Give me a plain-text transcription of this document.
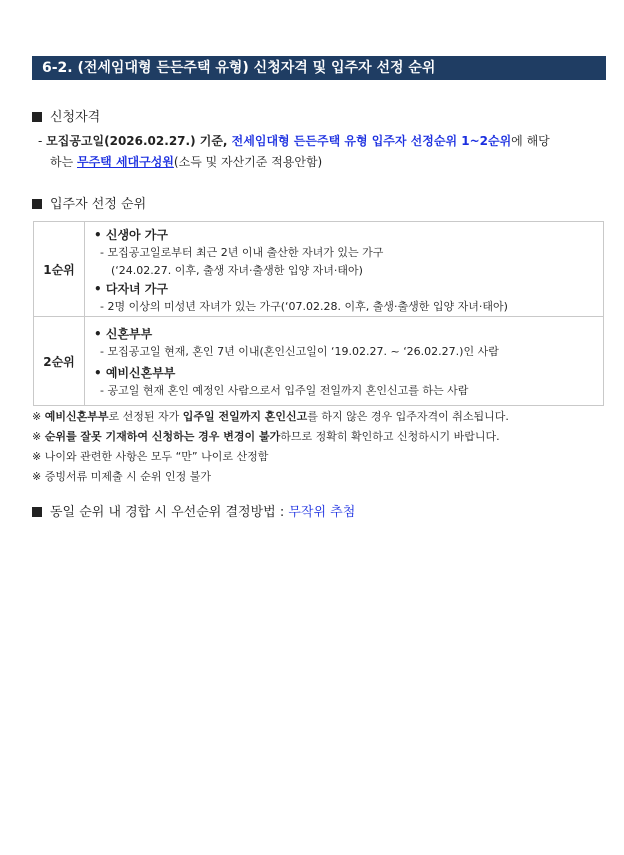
6-2. (전세임대형 든든주택 유형) 신청자격 및 입주자 선정 순위
신청자격
- 모집공고일(2026.02.27.) 기준, 전세임대형 든든주택 유형 입주자 선정순위 1~2순위에 해당
하는 무주택 세대구성원(소득 및 자산기준 적용안함)
입주자 선정 순위
1순위	• 신생아 가구
- 모집공고일로부터 최근 2년 이내 출산한 자녀가 있는 가구
(‘24.02.27. 이후, 출생 자녀·출생한 입양 자녀·태아)
• 다자녀 가구
- 2명 이상의 미성년 자녀가 있는 가구(‘07.02.28. 이후, 출생·출생한 입양 자녀·태아)

2순위	• 신혼부부
- 모집공고일 현재, 혼인 7년 이내(혼인신고일이 ‘19.02.27. ~ ‘26.02.27.)인 사람
• 예비신혼부부
- 공고일 현재 혼인 예정인 사람으로서 입주일 전일까지 혼인신고를 하는 사람
※ 예비신혼부부로 선정된 자가 입주일 전일까지 혼인신고를 하지 않은 경우 입주자격이 취소됩니다.
※ 순위를 잘못 기재하여 신청하는 경우 변경이 불가하므로 정확히 확인하고 신청하시기 바랍니다.
※ 나이와 관련한 사항은 모두 “만” 나이로 산정함
※ 증빙서류 미제출 시 순위 인정 불가
동일 순위 내 경합 시 우선순위 결정방법 : 무작위 추첨
